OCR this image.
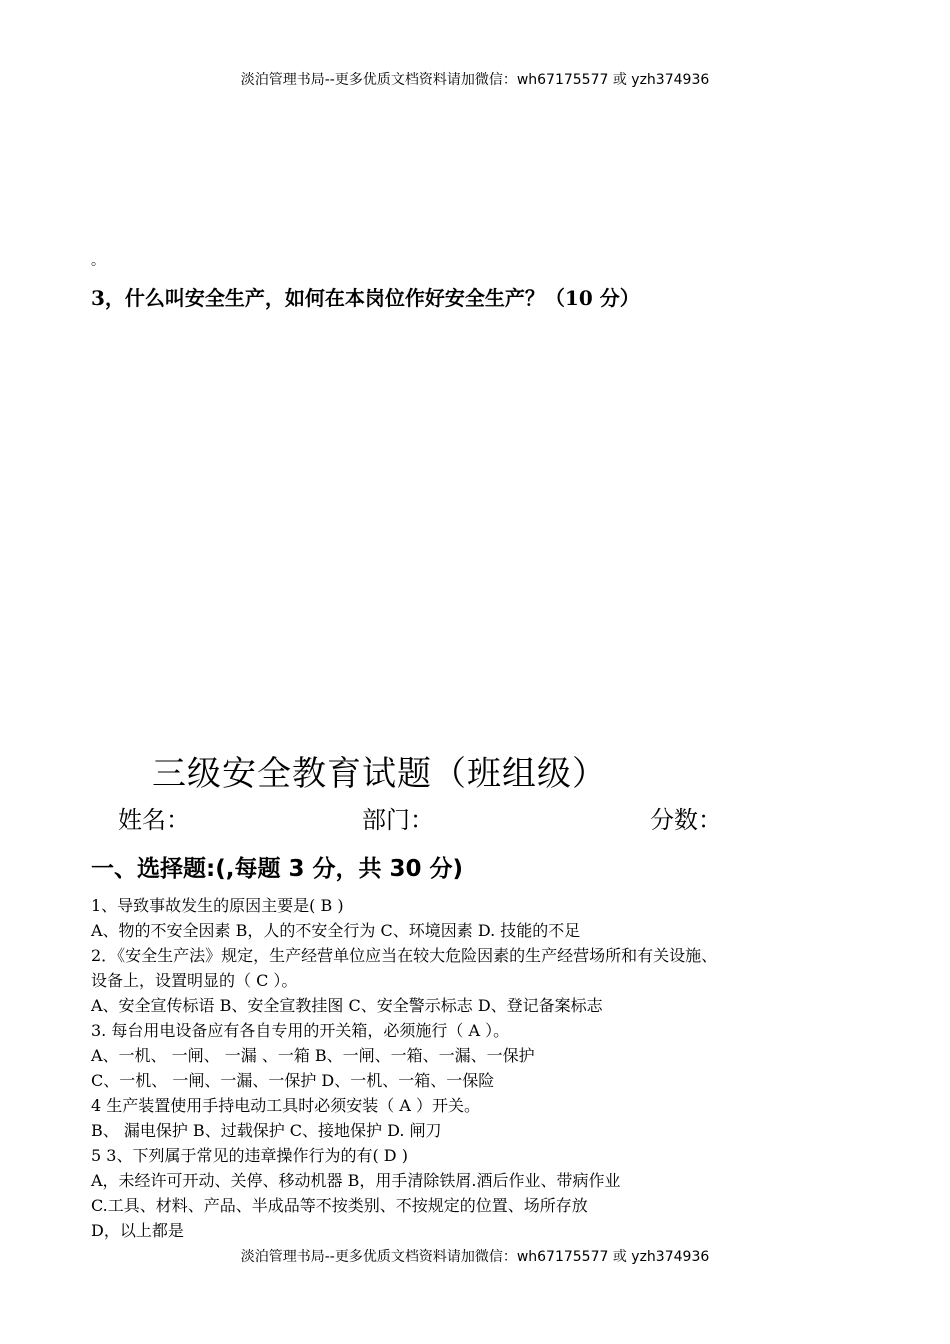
淡泊管理书局--更多优质文档资料请加微信：wh67175577 或 yzh374936
。
3，什么叫安全生产，如何在本岗位作好安全生产？（10 分）
三级安全教育试题（班组级）
姓名：	部门：	分数：
一、选择题:(,每题 3 分，共 30 分)
1、导致事故发生的原因主要是( B )
A、物的不安全因素 B，人的不安全行为 C、环境因素 D. 技能的不足
2．《安全生产法》规定，生产经营单位应当在较大危险因素的生产经营场所和有关设施、
设备上，设置明显的（ C ）。
A、安全宣传标语 B、安全宣教挂图 C、安全警示标志 D、登记备案标志
3. 每台用电设备应有各自专用的开关箱，必须施行（ A ）。
A、一机、 一闸、 一漏 、一箱 B、一闸、一箱、一漏、一保护
C、一机、 一闸、一漏、一保护 D、一机、一箱、一保险
4 生产装置使用手持电动工具时必须安装（ A ）开关。
B、 漏电保护 B、过载保护 C、接地保护 D. 闸刀
5 3、下列属于常见的违章操作行为的有( D )
A，未经许可开动、关停、移动机器 B，用手清除铁屑.酒后作业、带病作业
C.工具、材料、产品、半成品等不按类别、不按规定的位置、场所存放
D，以上都是
淡泊管理书局--更多优质文档资料请加微信：wh67175577 或 yzh374936
